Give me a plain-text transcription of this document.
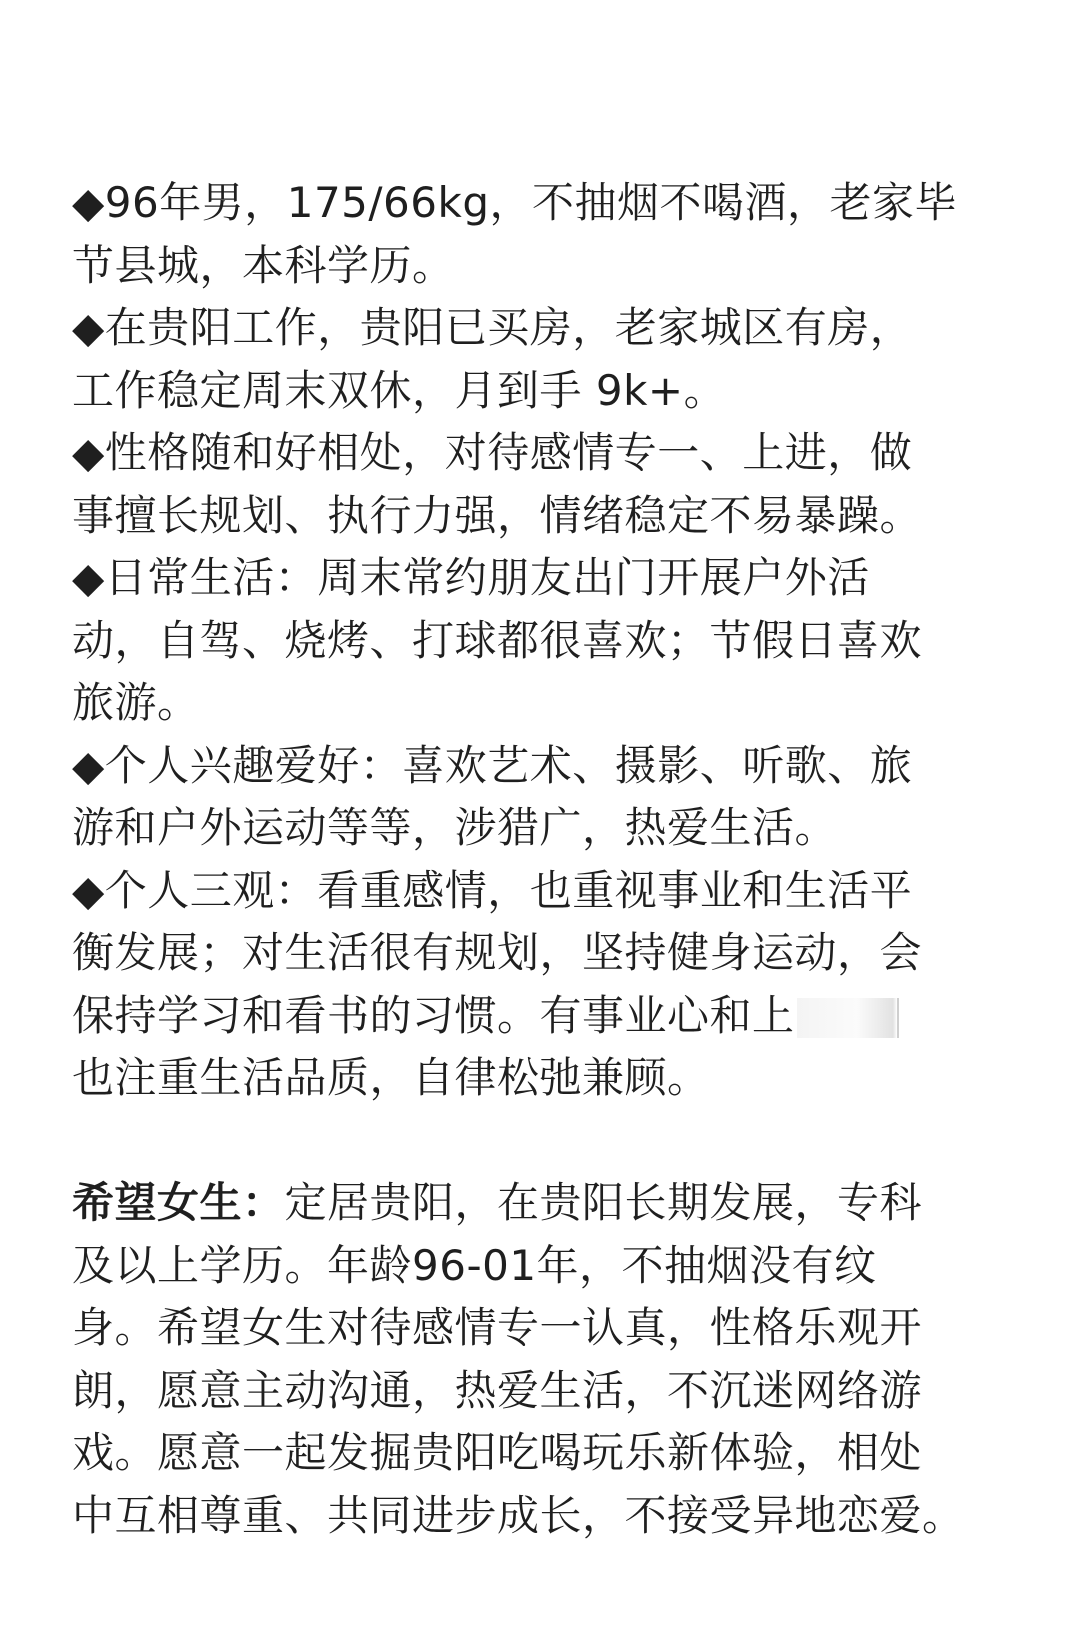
◆96年男，175/66kg，不抽烟不喝酒，老家毕
节县城，本科学历。
◆在贵阳工作，贵阳已买房，老家城区有房，
工作稳定周末双休，月到手 9k+。
◆性格随和好相处，对待感情专一、上进，做
事擅长规划、执行力强，情绪稳定不易暴躁。
◆日常生活：周末常约朋友出门开展户外活
动，自驾、烧烤、打球都很喜欢；节假日喜欢
旅游。
◆个人兴趣爱好：喜欢艺术、摄影、听歌、旅
游和户外运动等等，涉猎广，热爱生活。
◆个人三观：看重感情，也重视事业和生活平
衡发展；对生活很有规划，坚持健身运动，会
保持学习和看书的习惯。有事业心和上
也注重生活品质，自律松弛兼顾。
希望女生：定居贵阳，在贵阳长期发展，专科
及以上学历。年龄96-01年，不抽烟没有纹
身。希望女生对待感情专一认真，性格乐观开
朗，愿意主动沟通，热爱生活，不沉迷网络游
戏。愿意一起发掘贵阳吃喝玩乐新体验，相处
中互相尊重、共同进步成长，不接受异地恋爱。
